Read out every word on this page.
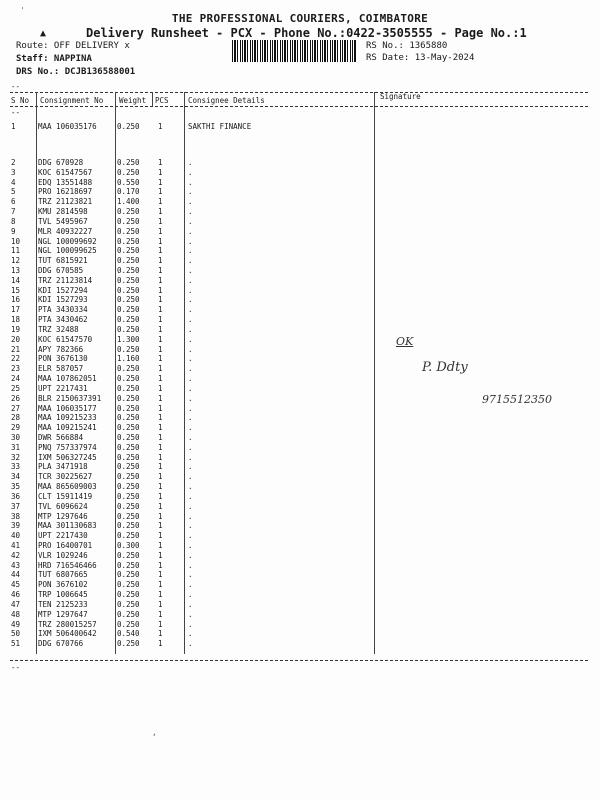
'
▲
THE PROFESSIONAL COURIERS, COIMBATORE
Delivery Runsheet - PCX - Phone No.:0422-3505555 - Page No.:1
Route: OFF DELIVERY x
Staff: NAPPINA
DRS No.: DCJB136588001
RS No.: 1365880
RS Date: 13-May-2024
--
--
S No Consignment No Weight PCS	Consignee Details	Signature
1	MAA 106035176	0.250 1	SAKTHI FINANCE
2	DDG 670928	0.250 1	.
3	KOC 61547567	0.250 1	.
4	EDQ 13551488	0.550 1	.
5	PRO 16218697	0.170 1	.
6	TRZ 21123821	1.400 1	.
7	KMU 2814598	0.250 1	.
8	TVL 5495967	0.250 1	.
9	MLR 40932227	0.250 1	.
10 NGL 100099692	0.250 1	.
11 NGL 100099625	0.250 1	.
12 TUT 6815921	0.250 1	.
13 DDG 670585	0.250 1	.
14 TRZ 21123814	0.250 1	.
15 KDI 1527294	0.250 1	.
16 KDI 1527293	0.250 1	.
17 PTA 3430334	0.250 1	.
18 PTA 3430462	0.250 1	.
19 TRZ 32488	0.250 1	.
20 KOC 61547570	1.300 1	.
21 APY 782366	0.250 1	.
22 PON 3676130	1.160 1	.
23 ELR 587057	0.250 1	.
24 MAA 107862051	0.250 1	.
25 UPT 2217431	0.250 1	.
26 BLR 2150637391 0.250 1	.
27 MAA 106035177	0.250 1	.
28 MAA 109215233	0.250 1	.
29 MAA 109215241	0.250 1	.
30 DWR 566884	0.250 1	.
31 PNQ 757337974	0.250 1	.
32 IXM 506327245	0.250 1	.
33 PLA 3471918	0.250 1	.
34 TCR 30225627	0.250 1	.
35 MAA 865609003	0.250 1	.
36 CLT 15911419	0.250 1	.
37 TVL 6096624	0.250 1	.
38 MTP 1297646	0.250 1	.
39 MAA 301130683	0.250 1	.
40 UPT 2217430	0.250 1	.
41 PRO 16400701	0.300 1	.
42 VLR 1029246	0.250 1	.
43 HRD 716546466	0.250 1	.
44 TUT 6807665	0.250 1	.
45 PON 3676102	0.250 1	.
46 TRP 1006645	0.250 1	.
47 TEN 2125233	0.250 1	.
48 MTP 1297647	0.250 1	.
49 TRZ 280015257	0.250 1	.
50 IXM 506400642	0.540 1	.
51 DDG 670766	0.250 1	.
--
OK
P. Ddty
9715512350
,
